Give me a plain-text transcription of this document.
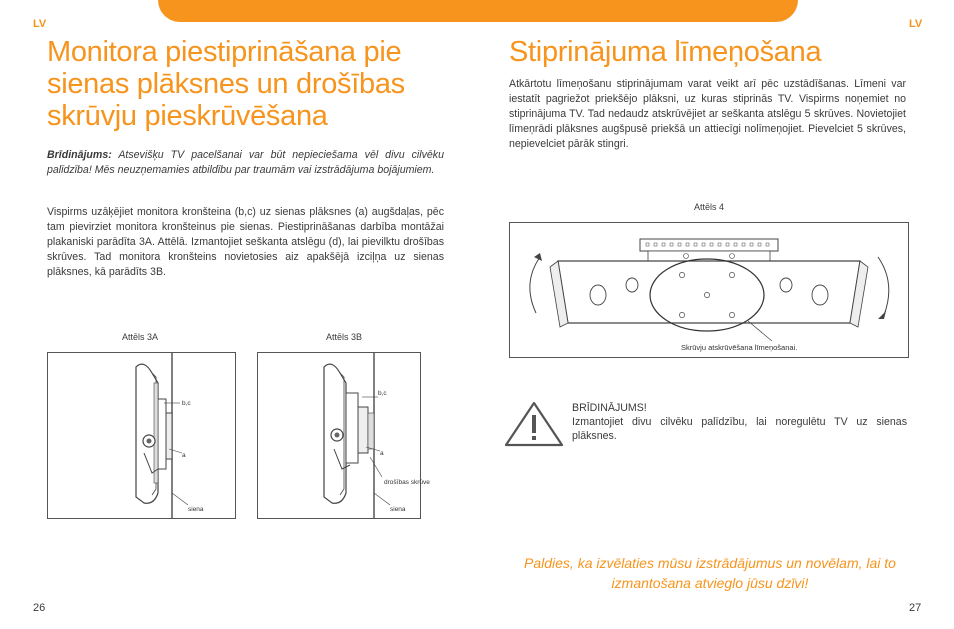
LV	LV
Monitora piestiprināšana pie sienas plāksnes un drošības skrūvju pieskrūvēšana

Brīdinājums: Atsevišķu TV pacelšanai var būt nepieciešama vēl divu cilvēku palīdzība! Mēs neuzņemamies atbildību par traumām vai izstrādājuma bojājumiem.

Vispirms uzāķējiet monitora kronšteina (b,c) uz sienas plāksnes (a) augšdaļas, pēc tam pievirziet monitora kronšteinus pie sienas. Piestiprināšanas darbība montāžai plakaniski parādīta 3A. Attēlā. Izmantojiet seškanta atslēgu (d), lai pievilktu drošības skrūves. Tad monitora kronšteins novietosies aiz apakšējā izciļņa uz sienas plāksnes, kā parādīts 3B.

Attēls 3A	Attēls 3B
b,c
a
siena
b,c
a
drošības skrūve
siena
26
Stiprinājuma līmeņošana

Atkārtotu līmeņošanu stiprinājumam varat veikt arī pēc uzstādīšanas. Līmeni var iestatīt pagriežot priekšējo plāksni, uz kuras stiprinās TV. Vispirms noņemiet no stiprinājuma TV. Tad nedaudz atskrūvējiet ar seškanta atslēgu 5 skrūves. Novietojiet līmeņrādi plāksnes augšpusē priekšā un attiecīgi nolīmeņojiet. Pievelciet 5 skrūves, nepievelciet pārāk stingri.

Attēls 4
Skrūvju atskrūvēšana līmeņošanai.

BRĪDINĀJUMS!

Izmantojiet divu cilvēku palīdzību, lai noregulētu TV uz sienas plāksnes.

Paldies, ka izvēlaties mūsu izstrādājumus un novēlam, lai to izmantošana atvieglo jūsu dzīvi!
27
